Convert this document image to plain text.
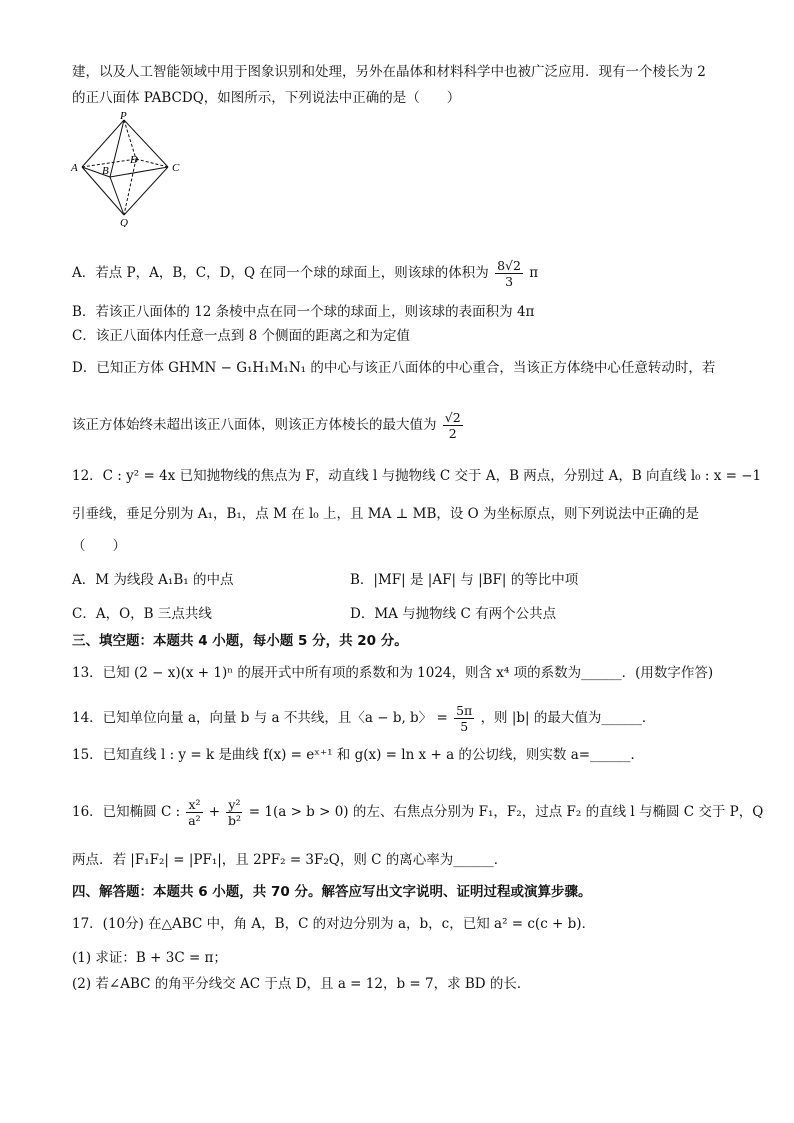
建，以及人工智能领域中用于图象识别和处理，另外在晶体和材料科学中也被广泛应用．现有一个棱长为 2
的正八面体 PABCDQ，如图所示，下列说法中正确的是（　　）
P
A B
D
C
Q
A．若点 P，A，B，C，D，Q 在同一个球的球面上，则该球的体积为 $\frac{8√2}{3}$ π
B．若该正八面体的 12 条棱中点在同一个球的球面上，则该球的表面积为 4π
C．该正八面体内任意一点到 8 个侧面的距离之和为定值
D．已知正方体 GHMN − G₁H₁M₁N₁ 的中心与该正八面体的中心重合，当该正方体绕中心任意转动时，若
该正方体始终未超出该正八面体，则该正方体棱长的最大值为 $\frac{√2}{2}$
12．C : y² = 4x 已知抛物线的焦点为 F，动直线 l 与抛物线 C 交于 A，B 两点，分别过 A，B 向直线 l₀ : x = −1
引垂线，垂足分别为 A₁，B₁，点 M 在 l₀ 上，且 MA ⊥ MB，设 O 为坐标原点，则下列说法中正确的是
（　　）
A．M 为线段 A₁B₁ 的中点	B．|MF| 是 |AF| 与 |BF| 的等比中项
C．A，O，B 三点共线	D．MA 与抛物线 C 有两个公共点
三、填空题：本题共 4 小题，每小题 5 分，共 20 分。
13．已知 (2 − x)(x + 1)ⁿ 的展开式中所有项的系数和为 1024，则含 x⁴ 项的系数为______．(用数字作答)
14．已知单位向量 a，向量 b 与 a 不共线，且〈a − b, b〉 = $\frac{5\pi}{5}$ ，则 |b| 的最大值为______．
15．已知直线 l : y = k 是曲线 f(x) = eˣ⁺¹ 和 g(x) = ln x + a 的公切线，则实数 a=______．
16．已知椭圆 C : $\frac{\text{x²}}{\text{a²}} + \frac{\text{y²}}{\text{b²}} = 1(a > b > 0)$ 的左、右焦点分别为 F₁，F₂，过点 F₂ 的直线 l 与椭圆 C 交于 P，Q
两点．若 |F₁F₂| = |PF₁|，且 2PF₂ = 3F₂Q，则 C 的离心率为______．
四、解答题：本题共 6 小题，共 70 分。解答应写出文字说明、证明过程或演算步骤。
17．(10分) 在△ABC 中，角 A，B，C 的对边分别为 a，b，c，已知 a² = c(c + b)．
(1) 求证：B + 3C = π；
(2) 若∠ABC 的角平分线交 AC 于点 D，且 a = 12，b = 7，求 BD 的长．
